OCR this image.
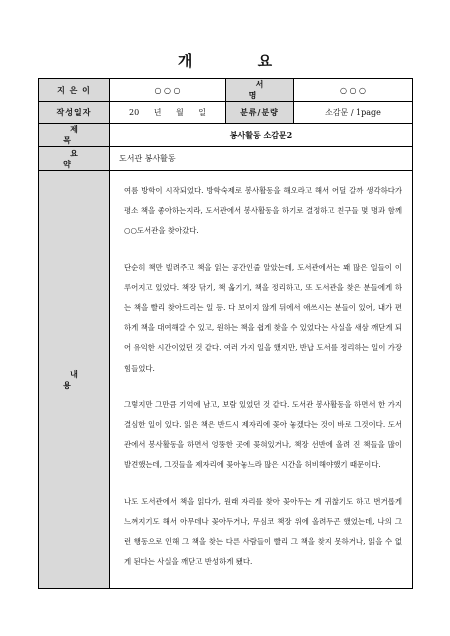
개 요
지 은 이	○ ○ ○	서 명	○ ○ ○
작성일자	20 년 월 일	분류/분량	소감문 / 1page
제 목	봉사활동 소감문2		
요 약	도서관 봉사활동		
내 용	여름 방학이 시작되었다. 방학숙제로 봉사활동을 해오라고 해서 어딜 갈까 생각하다가 평소 책을 좋아하는지라, 도서관에서 봉사활동을 하기로 결정하고 친구들 몇 명과 함께 ○○도서관을 찾아갔다.

단순히 책만 빌려주고 책을 읽는 공간인줄 알았는데, 도서관에서는 꽤 많은 일들이 이루어지고 있었다. 책장 닦기, 책 옮기기, 책을 정리하고, 또 도서관을 찾은 분들에게 하는 책을 빨리 찾아드리는 일 등. 다 보이지 않게 뒤에서 애쓰시는 분들이 있어, 내가 편하게 책을 대여해갈 수 있고, 원하는 책을 쉽게 찾을 수 있었다는 사실을 새삼 깨닫게 되어 유익한 시간이었던 것 같다. 여러 가지 일을 했지만, 반납 도서를 정리하는 일이 가장 힘들었다.

그렇지만 그만큼 기억에 남고, 보람 있었던 것 같다. 도서관 봉사활동을 하면서 한 가지 결심한 일이 있다. 읽은 책은 반드시 제자리에 꽂아 놓겠다는 것이 바로 그것이다. 도서관에서 봉사활동을 하면서 엉뚱한 곳에 꽂혀있거나, 책장 선반에 올려 진 책들을 많이 발견했는데, 그것들을 제자리에 꽂아놓느라 많은 시간을 허비해야했기 때문이다.

나도 도서관에서 책을 읽다가, 원래 자리를 찾아 꽂아두는 게 귀찮기도 하고 번거롭게 느껴지기도 해서 아무데나 꽂아두거나, 무심코 책장 위에 올려두곤 했었는데, 나의 그런 행동으로 인해 그 책을 찾는 다른 사람들이 빨리 그 책을 찾지 못하거나, 읽을 수 없게 된다는 사실을 깨닫고 반성하게 됐다.		
